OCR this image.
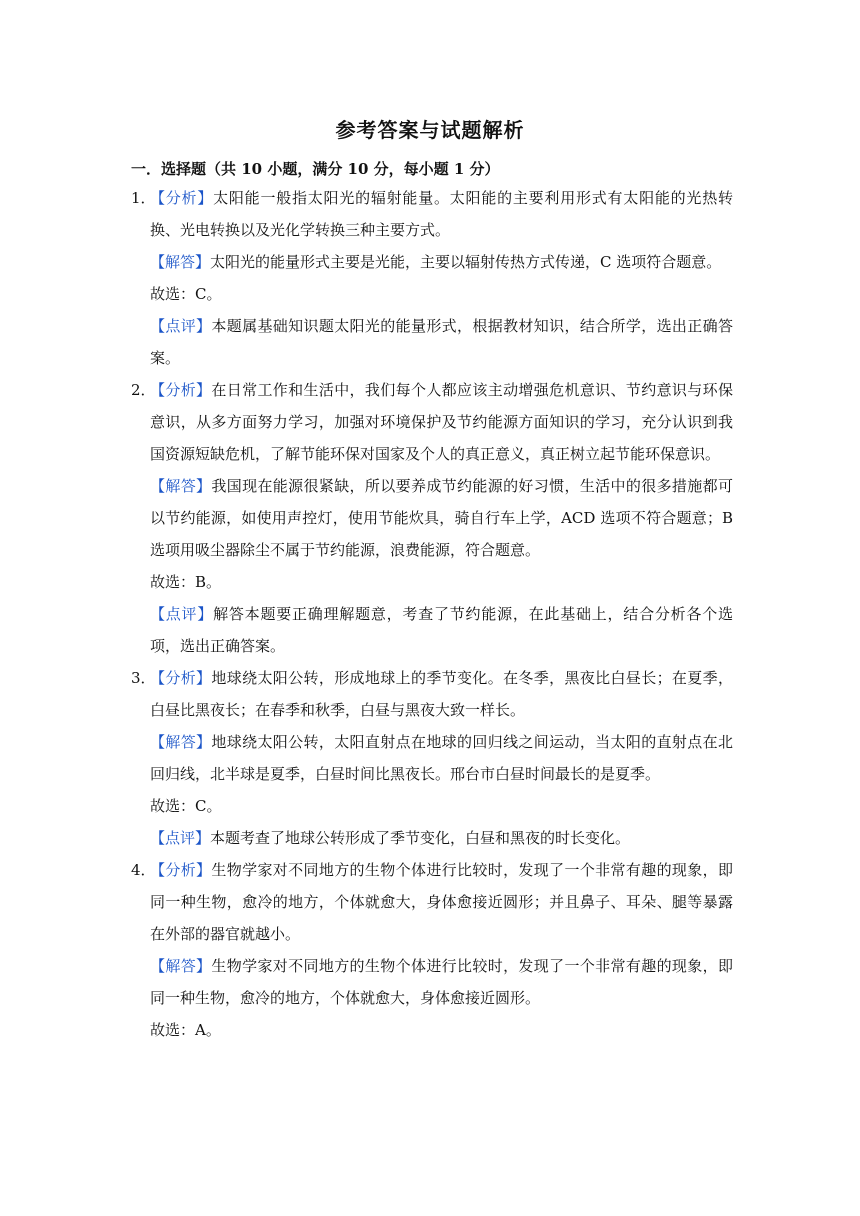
参考答案与试题解析
一．选择题（共 10 小题，满分 10 分，每小题 1 分）
1．
【分析】太阳能一般指太阳光的辐射能量。太阳能的主要利用形式有太阳能的光热转换、光电转换以及光化学转换三种主要方式。
【解答】太阳光的能量形式主要是光能，主要以辐射传热方式传递，C 选项符合题意。
故选：C。
【点评】本题属基础知识题太阳光的能量形式，根据教材知识，结合所学，选出正确答案。
2．
【分析】在日常工作和生活中，我们每个人都应该主动增强危机意识、节约意识与环保意识，从多方面努力学习，加强对环境保护及节约能源方面知识的学习，充分认识到我国资源短缺危机，了解节能环保对国家及个人的真正意义，真正树立起节能环保意识。
【解答】我国现在能源很紧缺，所以要养成节约能源的好习惯，生活中的很多措施都可以节约能源，如使用声控灯，使用节能炊具，骑自行车上学，ACD 选项不符合题意；B 选项用吸尘器除尘不属于节约能源，浪费能源，符合题意。
故选：B。
【点评】解答本题要正确理解题意，考查了节约能源，在此基础上，结合分析各个选项，选出正确答案。
3．
【分析】地球绕太阳公转，形成地球上的季节变化。在冬季，黑夜比白昼长；在夏季，白昼比黑夜长；在春季和秋季，白昼与黑夜大致一样长。
【解答】地球绕太阳公转，太阳直射点在地球的回归线之间运动，当太阳的直射点在北回归线，北半球是夏季，白昼时间比黑夜长。邢台市白昼时间最长的是夏季。
故选：C。
【点评】本题考查了地球公转形成了季节变化，白昼和黑夜的时长变化。
4．
【分析】生物学家对不同地方的生物个体进行比较时，发现了一个非常有趣的现象，即同一种生物，愈冷的地方，个体就愈大，身体愈接近圆形；并且鼻子、耳朵、腿等暴露在外部的器官就越小。
【解答】生物学家对不同地方的生物个体进行比较时，发现了一个非常有趣的现象，即同一种生物，愈冷的地方，个体就愈大，身体愈接近圆形。
故选：A。
